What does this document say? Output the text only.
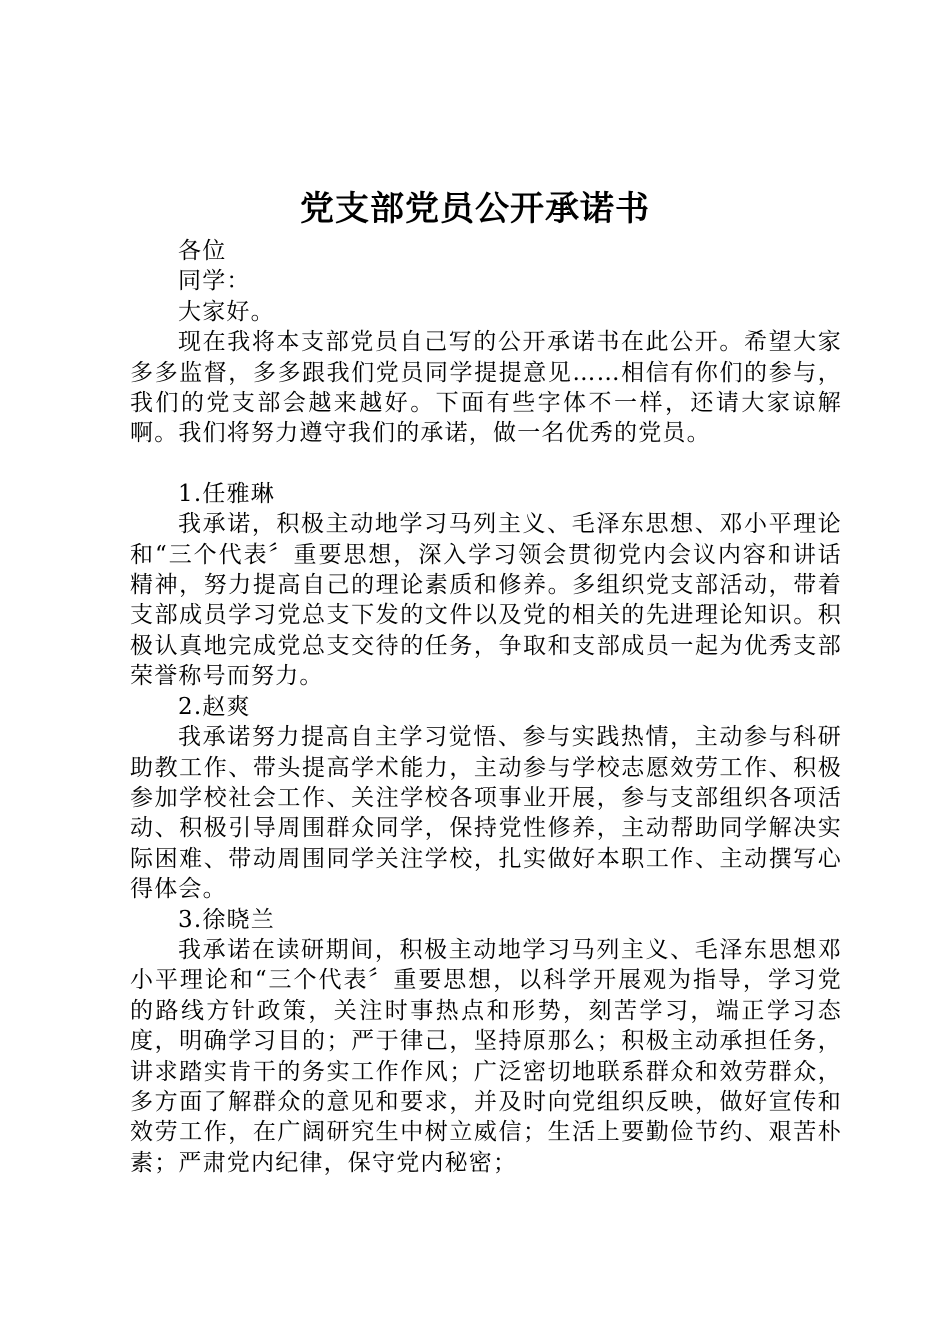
党支部党员公开承诺书

各位

同学：

大家好。

现在我将本支部党员自己写的公开承诺书在此公开。希望大家多多监督，多多跟我们党员同学提提意见……相信有你们的参与，我们的党支部会越来越好。下面有些字体不一样，还请大家谅解啊。我们将努力遵守我们的承诺，做一名优秀的党员。

1.任雅琳

我承诺，积极主动地学习马列主义、毛泽东思想、邓小平理论和“三个代表〞重要思想，深入学习领会贯彻党内会议内容和讲话精神，努力提高自己的理论素质和修养。多组织党支部活动，带着支部成员学习党总支下发的文件以及党的相关的先进理论知识。积极认真地完成党总支交待的任务，争取和支部成员一起为优秀支部荣誉称号而努力。

2.赵爽

我承诺努力提高自主学习觉悟、参与实践热情，主动参与科研助教工作、带头提高学术能力，主动参与学校志愿效劳工作、积极参加学校社会工作、关注学校各项事业开展，参与支部组织各项活动、积极引导周围群众同学，保持党性修养，主动帮助同学解决实际困难、带动周围同学关注学校，扎实做好本职工作、主动撰写心得体会。

3.徐晓兰

我承诺在读研期间，积极主动地学习马列主义、毛泽东思想邓小平理论和“三个代表〞重要思想，以科学开展观为指导，学习党的路线方针政策，关注时事热点和形势，刻苦学习，端正学习态度，明确学习目的；严于律己，坚持原那么；积极主动承担任务，讲求踏实肯干的务实工作作风；广泛密切地联系群众和效劳群众，多方面了解群众的意见和要求，并及时向党组织反映，做好宣传和效劳工作，在广阔研究生中树立威信；生活上要勤俭节约、艰苦朴素；严肃党内纪律，保守党内秘密；
